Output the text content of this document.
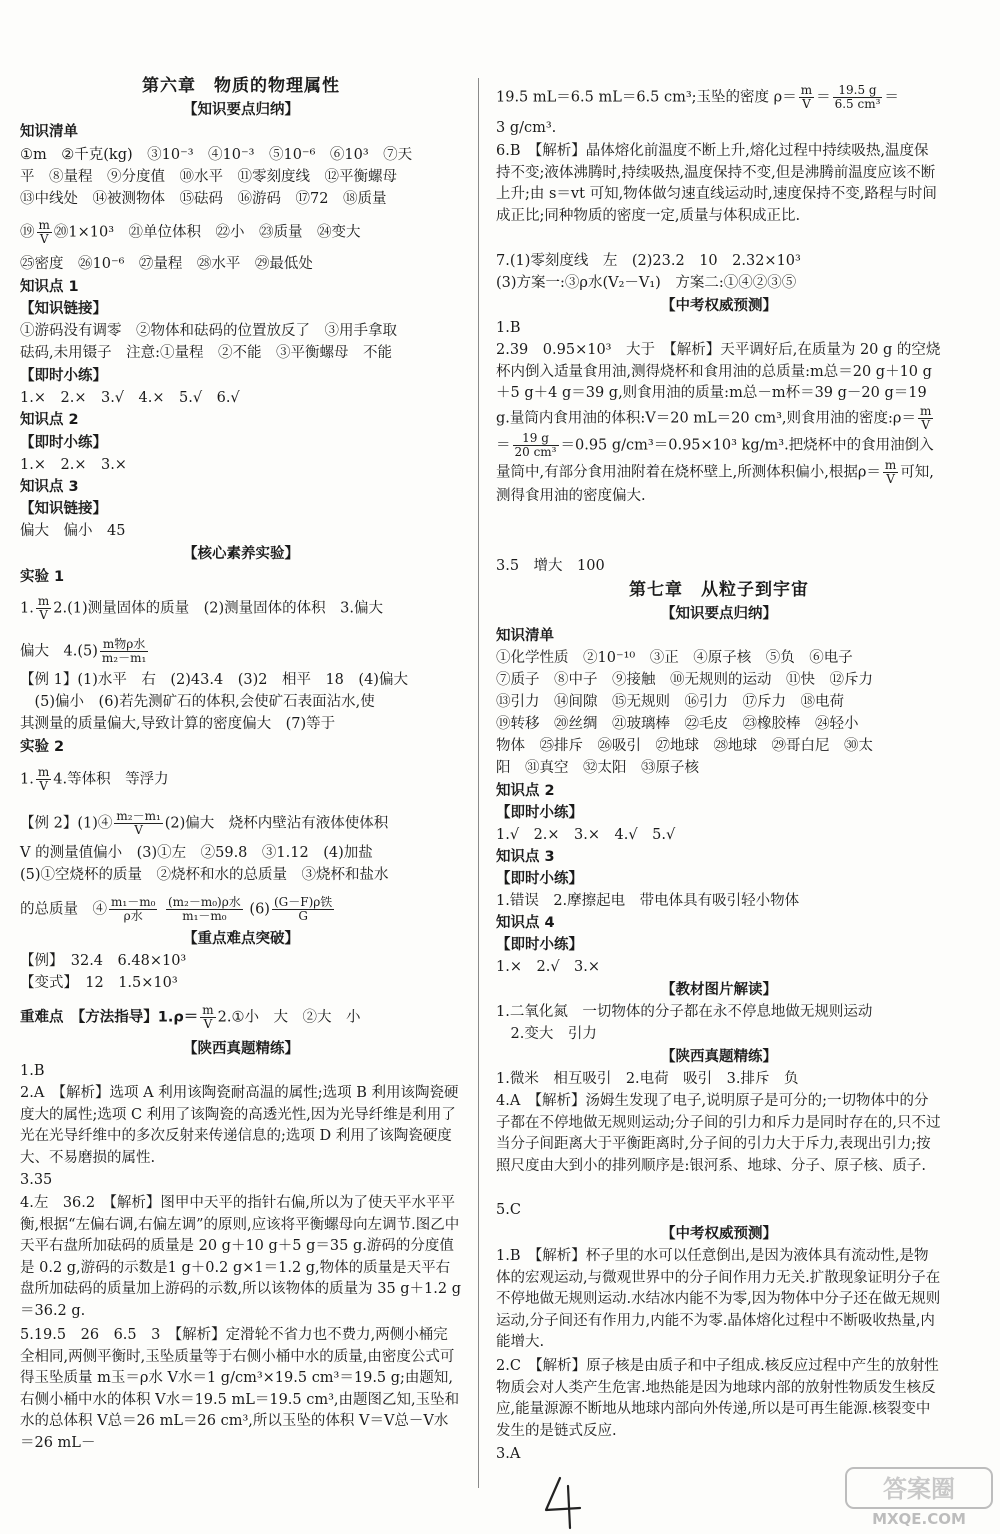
第六章　物质的物理属性
【知识要点归纳】
知识清单
①m　②千克(kg)　③10⁻³　④10⁻³　⑤10⁻⁶　⑥10³　⑦天
平　⑧量程　⑨分度值　⑩水平　⑪零刻度线　⑫平衡螺母
⑬中线处　⑭被测物体　⑮砝码　⑯游码　⑰72　⑱质量
⑲ $\frac{m}{V}$ ⑳1×10³　㉑单位体积　㉒小　㉓质量　㉔变大
㉕密度　㉖10⁻⁶　㉗量程　㉘水平　㉙最低处
知识点 1
【知识链接】
①游码没有调零　②物体和砝码的位置放反了　③用手拿取
砝码,未用镊子　注意:①量程　②不能　③平衡螺母　不能
【即时小练】
1.×　2.×　3.√　4.×　5.√　6.√
知识点 2
【即时小练】
1.×　2.×　3.×
知识点 3
【知识链接】
偏大　偏小　45
【核心素养实验】
实验 1
1. $\frac{m}{V} 2.(1)$测量固体的质量　(2)测量固体的体积　3.偏大
偏大　$4.(5) \frac{\text{m物ρ水}}{\text{m₂－m₁}}$
【例 1】(1)水平　右　(2)43.4　(3)2　相平　18　(4)偏大
　(5)偏小　(6)若先测矿石的体积,会使矿石表面沾水,使
其测量的质量偏大,导致计算的密度偏大　(7)等于
实验 2
1. $\frac{m}{V} 4$.等体积　等浮力
【例 2】(1)④ $\frac{\text{m₂－m₁}}{V} (2)$偏大　烧杯内壁沾有液体使体积
V 的测量值偏小　(3)①左　②59.8　③1.12　(4)加盐
(5)①空烧杯的质量　②烧杯和水的总质量　③烧杯和盐水
的总质量　④ $\frac{\text{m₁－m₀}}{\text{ρ水}}$
$\frac{\text{(m₂－m₀)ρ水}}{\text{m₁－m₀}} (6) \frac{\text{(G－F)ρ铁}}{G}$
【重点难点突破】
【例】　32.4　6.48×10³
【变式】　12　1.5×10³
重难点　【方法指导】$1.\rho= \frac{m}{V}$ 2.①小　大　②大　小
【陕西真题精练】
1.B
2.A　【解析】选项 A 利用该陶瓷耐高温的属性;选项 B 利用该陶瓷硬度大的属性;选项 C 利用了该陶瓷的高透光性,因为光导纤维是利用了光在光导纤维中的多次反射来传递信息的;选项 D 利用了该陶瓷硬度大、不易磨损的属性.
3.35
4.左　36.2　【解析】图甲中天平的指针右偏,所以为了使天平水平平衡,根据“左偏右调,右偏左调”的原则,应该将平衡螺母向左调节.图乙中天平右盘所加砝码的质量是 20 g＋10 g＋5 g＝35 g.游码的分度值是 0.2 g,游码的示数是1 g＋0.2 g×1＝1.2 g,物体的质量是天平右盘所加砝码的质量加上游码的示数,所以该物体的质量为 35 g＋1.2 g＝36.2 g.
5.19.5　26　6.5　3　【解析】定滑轮不省力也不费力,两侧小桶完全相同,两侧平衡时,玉坠质量等于右侧小桶中水的质量,由密度公式可得玉坠质量 m玉＝ρ水 V水＝1 g/cm³×19.5 cm³＝19.5 g;由题知,右侧小桶中水的体积 V水＝19.5 mL＝19.5 cm³,由题图乙知,玉坠和水的总体积 V总＝26 mL＝26 cm³,所以玉坠的体积 V＝V总－V水＝26 mL－
19.5 mL＝6.5 mL＝6.5 cm³;玉坠的密度 $\rho= \frac{m}{V} = \frac{19.5 g}{\text{6.5 cm³}}$ ＝
3 g/cm³.
6.B　【解析】晶体熔化前温度不断上升,熔化过程中持续吸热,温度保持不变;液体沸腾时,持续吸热,温度保持不变,但是沸腾前温度应该不断上升;由 s＝vt 可知,物体做匀速直线运动时,速度保持不变,路程与时间成正比;同种物质的密度一定,质量与体积成正比.
7.(1)零刻度线　左　(2)23.2　10　2.32×10³
(3)方案一:③ρ水(V₂－V₁)　方案二:①④②③⑤
【中考权威预测】
1.B
2.39　0.95×10³　大于　【解析】天平调好后,在质量为 20 g 的空烧杯内倒入适量食用油,测得烧杯和食用油的总质量:m总＝20 g＋10 g＋5 g＋4 g＝39 g,则食用油的质量:m总－m杯＝39 g－20 g＝19 g.量筒内食用油的体积:V＝20 mL＝20 cm³,则食用油的密度:ρ＝ $\frac{m}{V}$
＝ $\frac{19 g}{\text{20 cm³}} =0.95$ g/cm³＝0.95×10³ kg/m³.把烧杯中的食用油倒入量筒中,有部分食用油附着在烧杯壁上,所测体积偏小,根据$\rho= \frac{m}{V}$ 可知,测得食用油的密度偏大.
3.5　增大　100
第七章　从粒子到宇宙
【知识要点归纳】
知识清单
①化学性质　②10⁻¹⁰　③正　④原子核　⑤负　⑥电子
⑦质子　⑧中子　⑨接触　⑩无规则的运动　⑪快　⑫斥力
⑬引力　⑭间隙　⑮无规则　⑯引力　⑰斥力　⑱电荷
⑲转移　⑳丝绸　㉑玻璃棒　㉒毛皮　㉓橡胶棒　㉔轻小
物体　㉕排斥　㉖吸引　㉗地球　㉘地球　㉙哥白尼　㉚太
阳　㉛真空　㉜太阳　㉝原子核
知识点 2
【即时小练】
1.√　2.×　3.×　4.√　5.√
知识点 3
【即时小练】
1.错误　2.摩擦起电　带电体具有吸引轻小物体
知识点 4
【即时小练】
1.×　2.√　3.×
【教材图片解读】
1.二氧化氮　一切物体的分子都在永不停息地做无规则运动
　2.变大　引力
【陕西真题精练】
1.微米　相互吸引　2.电荷　吸引　3.排斥　负
4.A　【解析】汤姆生发现了电子,说明原子是可分的;一切物体中的分子都在不停地做无规则运动;分子间的引力和斥力是同时存在的,只不过当分子间距离大于平衡距离时,分子间的引力大于斥力,表现出引力;按照尺度由大到小的排列顺序是:银河系、地球、分子、原子核、质子.
5.C
【中考权威预测】
1.B　【解析】杯子里的水可以任意倒出,是因为液体具有流动性,是物体的宏观运动,与微观世界中的分子间作用力无关.扩散现象证明分子在不停地做无规则运动.水结冰内能不为零,因为物体中分子还在做无规则运动,分子间还有作用力,内能不为零.晶体熔化过程中不断吸收热量,内能增大.
2.C　【解析】原子核是由质子和中子组成.核反应过程中产生的放射性物质会对人类产生危害.地热能是因为地球内部的放射性物质发生核反应,能量源源不断地从地球内部向外传递,所以是可再生能源.核裂变中发生的是链式反应.
3.A
答案圈
MXQE.COM
